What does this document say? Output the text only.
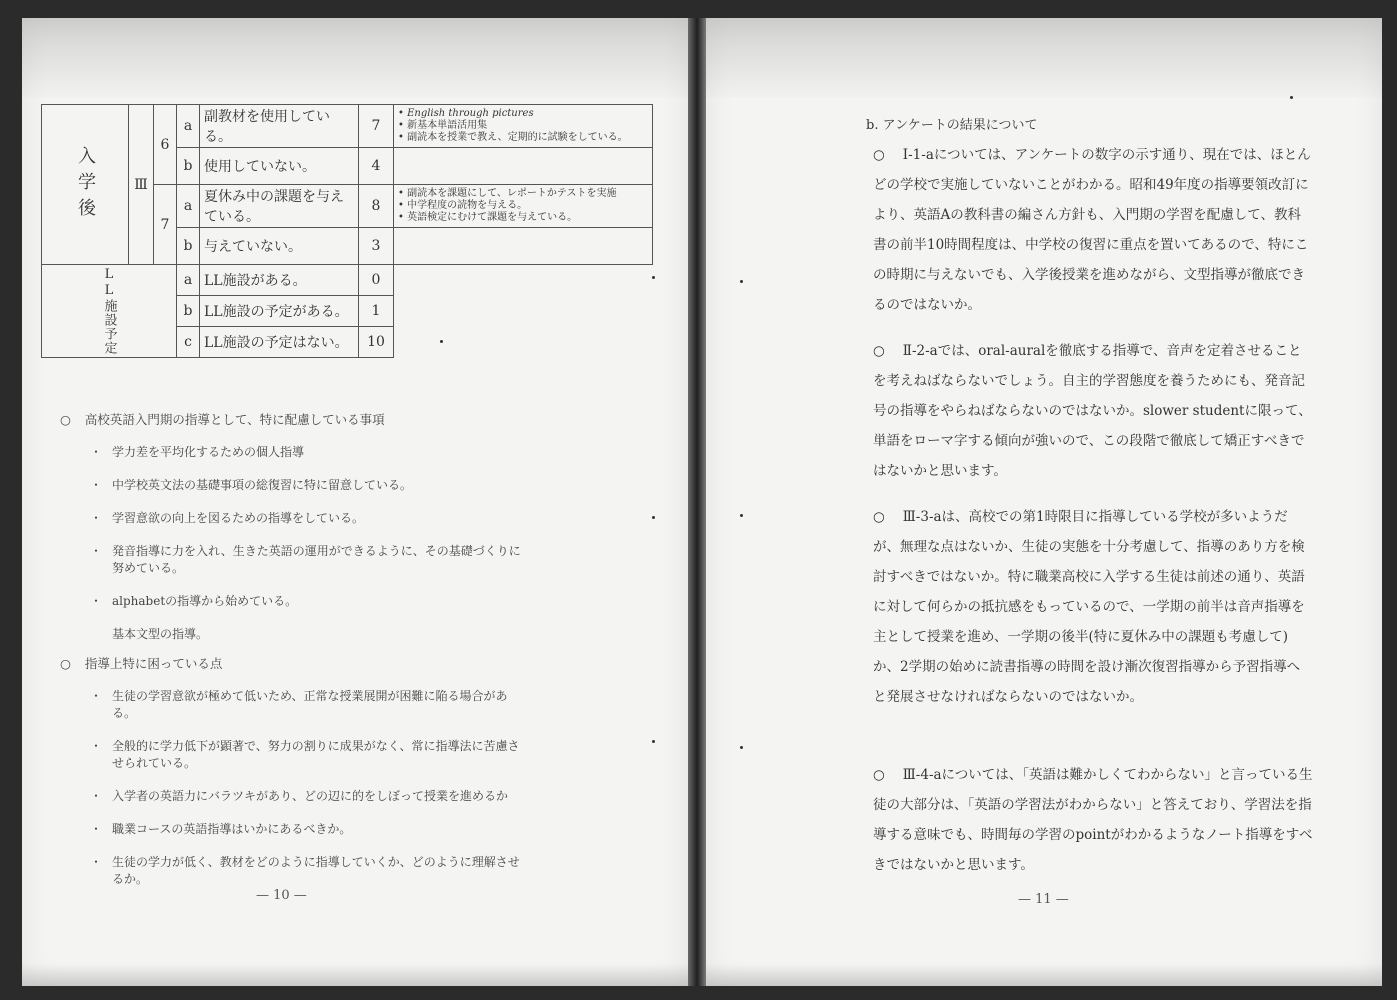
入学後	Ⅲ	6	a	副教材を使用している。	7	• English through pictures
• 新基本単語活用集
• 副読本を授業で教え、定期的に試験をしている。

			b	使用していない。	4	
		7	a	夏休み中の課題を与えている。	8	• 副読本を課題にして、レポートかテストを実施
• 中学程度の読物を与える。
• 英語検定にむけて課題を与えている。

			b	与えていない。	3	
LL施設予定			a	LL施設がある。	0	
			b	LL施設の予定がある。	1	
			c	LL施設の予定はない。	10	
○ 高校英語入門期の指導として、特に配慮している事項
・ 学力差を平均化するための個人指導
・ 中学校英文法の基礎事項の総復習に特に留意している。
・ 学習意欲の向上を図るための指導をしている。
・ 発音指導に力を入れ、生きた英語の運用ができるように、その基礎づくりに努めている。
・ alphabetの指導から始めている。
基本文型の指導。
○ 指導上特に困っている点
・ 生徒の学習意欲が極めて低いため、正常な授業展開が困難に陥る場合がある。
・ 全般的に学力低下が顕著で、努力の割りに成果がなく、常に指導法に苦慮させられている。
・ 入学者の英語力にバラツキがあり、どの辺に的をしぼって授業を進めるか
・ 職業コースの英語指導はいかにあるべきか。
・ 生徒の学力が低く、教材をどのように指導していくか、どのように理解させるか。
— 10 —
b. アンケートの結果について
○ Ⅰ-1-aについては、アンケートの数字の示す通り、現在では、ほとんどの学校で実施していないことがわかる。昭和49年度の指導要領改訂により、英語Aの教科書の編さん方針も、入門期の学習を配慮して、教科書の前半10時間程度は、中学校の復習に重点を置いてあるので、特にこの時期に与えないでも、入学後授業を進めながら、文型指導が徹底できるのではないか。
○ Ⅱ-2-aでは、oral-auralを徹底する指導で、音声を定着させることを考えねばならないでしょう。自主的学習態度を養うためにも、発音記号の指導をやらねばならないのではないか。slower studentに限って、単語をローマ字する傾向が強いので、この段階で徹底して矯正すべきではないかと思います。
○ Ⅲ-3-aは、高校での第1時限目に指導している学校が多いようだが、無理な点はないか、生徒の実態を十分考慮して、指導のあり方を検討すべきではないか。特に職業高校に入学する生徒は前述の通り、英語に対して何らかの抵抗感をもっているので、一学期の前半は音声指導を主として授業を進め、一学期の後半(特に夏休み中の課題も考慮して)か、2学期の始めに読書指導の時間を設け漸次復習指導から予習指導へと発展させなければならないのではないか。
○ Ⅲ-4-aについては、「英語は難かしくてわからない」と言っている生徒の大部分は、「英語の学習法がわからない」と答えており、学習法を指導する意味でも、時間毎の学習のpointがわかるようなノート指導をすべきではないかと思います。
— 11 —
